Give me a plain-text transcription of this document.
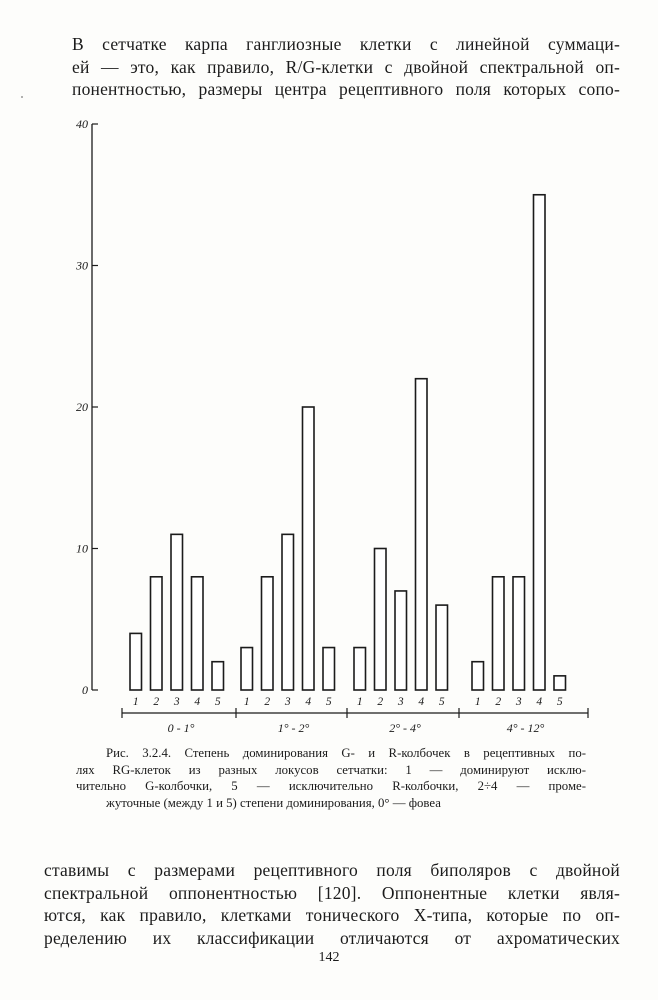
В сетчатке карпа ганглиозные клетки с линейной суммаци-
ей — это, как правило, R/G-клетки с двойной спектральной оп-
понентностью, размеры центра рецептивного поля которых сопо-

0
10
20
30
40
1 2 3 4 5 1 2 3 4 5 1 2 3 4 5	1 2 3 4 5
0 - 1°	1° - 2°	2° - 4°	4° - 12°

Рис. 3.2.4. Степень доминирования G- и R-колбочек в рецептивных по-
лях RG-клеток из разных локусов сетчатки: 1 — доминируют исклю-
чительно G-колбочки, 5 — исключительно R-колбочки, 2÷4 — проме-
жуточные (между 1 и 5) степени доминирования, 0° — фовеа

ставимы с размерами рецептивного поля биполяров с двойной
спектральной оппонентностью [120]. Оппонентные клетки явля-
ются, как правило, клетками тонического X-типа, которые по оп-
ределению их классификации отличаются от ахроматических

142
